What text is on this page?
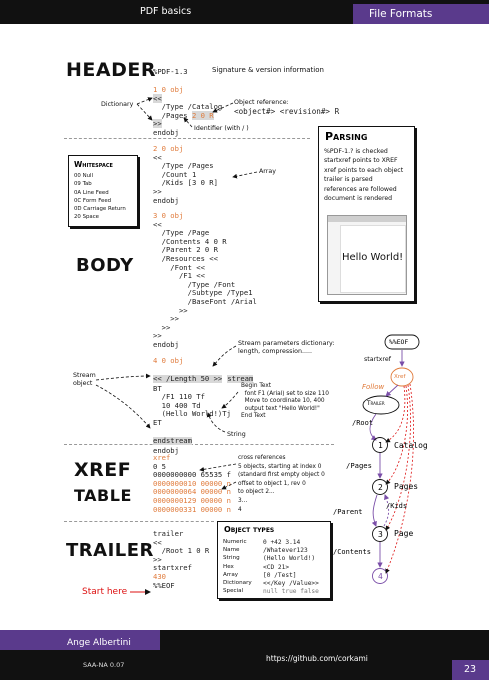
PDF basics	File Formats
HEADER
%PDF-1.3	Signature & version information
1 0 obj
<<
/Type /Catalog
/Pages 2 0 R
>>
endobj
Dictionary	Object reference:
<object#> <revision#> R
Identifier (with / )
2 0 obj
<<
/Type /Pages
/Count 1
/Kids [3 0 R]
>>
endobj
Array
Whitespace
00 Null
09 Tab
0A Line Feed
0C Form Feed
0D Carriage Return
20 Space
Parsing
%PDF-1.? is checked
startxref points to XREF
xref points to each object
trailer is parsed
references are followed
document is rendered
Hello World!
BODY
3 0 obj
<<
/Type /Page
/Contents 4 0 R
/Parent 2 0 R
/Resources <<
/Font <<
/F1 <<
/Type /Font
/Subtype /Type1
/BaseFont /Arial
>>
>>
>>
>>
endobj
4 0 obj
<< /Length 50 >> stream
BT
/F1 110 Tf
10 400 Td
(Hello World!)Tj
ET
endstream
endobj
Stream parameters dictionary:
length, compression.....
Stream
object	Begin Text
font F1 (Arial) set to size 110
Move to coordinate 10, 400
output text "Hello World!"
End Text
String
XREF
TABLE
xref
0 5
0000000000 65535 f
0000000010 00000 n
0000000064 00000 n
0000000129 00000 n
0000000331 00000 n
cross references
5 objects, starting at index 0
(standard first empty object 0
offset to object 1, rev 0
to object 2...
3...
4
TRAILER
trailer
<<
/Root 1 0 R
>>
startxref
430
%%EOF
Start here
Object types
Numeric	0 +42 3.14
Name	/Whatever123
String	(Hello World!)
Hex	<CD 21>
Array	[0 /Test]
Dictionary	<</Key /Value>>
Special	null true false
%%EOF
startxref
Follow
Xref
Trailer
/Root
1 Catalog
/Pages
2 Pages
/Kids
/Parent
3 Page
/Contents
4
Ange Albertini
SAA-NA 0.07
https://github.com/corkami
23
